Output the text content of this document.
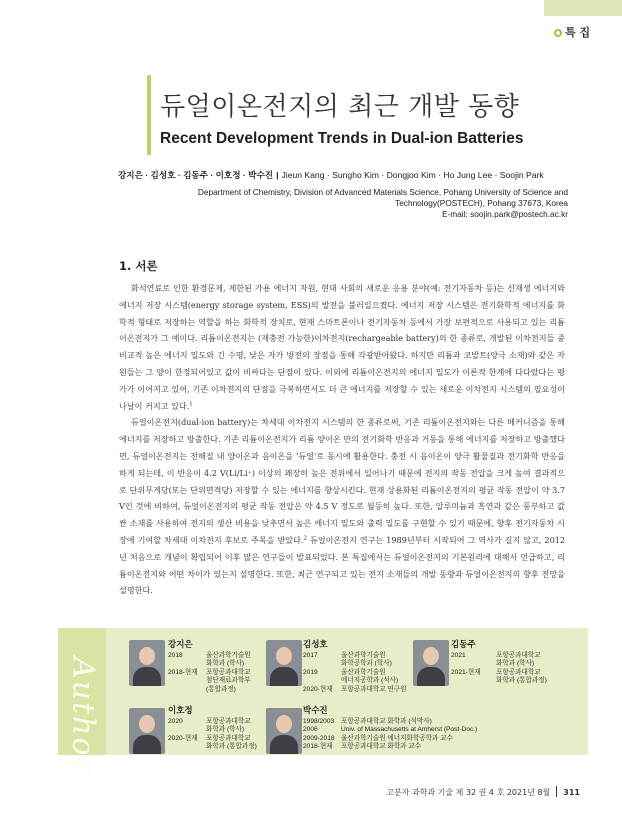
특 집
듀얼이온전지의 최근 개발 동향
Recent Development Trends in Dual-ion Batteries
강지은 · 김성호 · 김동주 · 이호정 · 박수진 | Jieun Kang · Sungho Kim · Dongjoo Kim · Ho Jung Lee · Soojin Park
Department of Chemistry, Division of Advanced Materials Science, Pohang University of Science and
Technology(POSTECH), Pohang 37673, Korea
E-mail: soojin.park@postech.ac.kr
1. 서론

화석연료로 인한 환경문제, 제한된 가용 에너지 자원, 현대 사회의 새로운 응용 분야(예: 전기자동차 등)는 신재생 에너지와 에너지 저장 시스템(energy storage system, ESS)의 발전을 불러일으켰다. 에너지 저장 시스템은 전기화학적 에너지를 화학적 형태로 저장하는 역할을 하는 화학적 장치로, 현재 스마트폰이나 전기자동차 등에서 가장 보편적으로 사용되고 있는 리튬이온전지가 그 예이다. 리튬이온전지는 (재충전 가능한)이차전지(rechargeable battery)의 한 종류로, 개발된 이차전지들 중 비교적 높은 에너지 밀도와 긴 수명, 낮은 자가 방전의 장점을 통해 각광받아왔다. 하지만 리튬과 코발트(양극 소재)와 같은 자원들는 그 양이 한정되어있고 값이 비싸다는 단점이 있다. 이외에 리튬이온전지의 에너지 밀도가 이론적 한계에 다다랐다는 평가가 이어지고 있어, 기존 이차전지의 단점을 극복하면서도 더 큰 에너지를 저장할 수 있는 새로운 이차전지 시스템의 필요성이 나날이 커지고 있다.$^1$

듀얼이온전지(dual-ion battery)는 차세대 이차전지 시스템의 한 종류로써, 기존 리튬이온전지와는 다른 메커니즘을 통해 에너지를 저장하고 방출한다. 기존 리튬이온전지가 리튬 양이온 만의 전기화학 반응과 거동을 통해 에너지를 저장하고 방출했다면, 듀얼이온전지는 전해질 내 양이온과 음이온을 '듀얼'로 동시에 활용한다. 충전 시 음이온이 양극 활물질과 전기화학 반응을 하게 되는데, 이 반응이 4.2 V(Li/Li⁺) 이상의 꽤장히 높은 전위에서 일어나기 때문에 전지의 작동 전압을 크게 높여 결과적으로 단위무게당(또는 단위면적당) 저장할 수 있는 에너지를 향상시킨다. 현재 상용화된 리튬이온전지의 평균 작동 전압이 약 3.7 V인 것에 비하여, 듀얼이온전지의 평균 작동 전압은 약 4.5 V 정도로 월등히 높다. 또한, 알루미늄과 흑연과 같은 풍부하고 값싼 소재를 사용하여 전지의 생산 비용을 낮추면서 높은 에너지 밀도와 출력 밀도를 구현할 수 있기 때문에, 향후 전기자동차 시장에 기여할 차세대 이차전지 후보로 주목을 받았다.$^2$ 듀얼이온전지 연구는 1989년부터 시작되어 그 역사가 길지 않고, 2012년 처음으로 개념이 확립되어 이후 많은 연구들이 발표되었다. 본 특집에서는 듀얼이온전지의 기본원리에 대해서 언급하고, 리튬이온전지와 어떤 차이가 있는지 설명한다. 또한, 최근 연구되고 있는 전지 소재들의 개발 동향과 듀얼이온전지의 향후 전망을 설명한다.

Author
강지은
2018	울산과학기술원
화학과 (학사)
2018-현재	포항공과대학교
첨단재료과학부
(통합과정)
김성호
2017	울산과학기술원
화학공학과 (학사)
2019	울산과학기술원
에너지공학과 (석사)
2020-현재	포항공과대학교 연구원
김동주
2021	포항공과대학교
화학과 (학사)
2021-현재	포항공과대학교
화학과 (통합과정)
이호정
2020	포항공과대학교
화학과 (학사)
2020-현재	포항공과대학교
화학과 (통합과정)
박수진
1998/2003	포항공과대학교 화학과 (석박사)
2006	Univ. of Massachusetts at Amherst (Post-Doc.)
2009-2018 울산과학기술원 에너지화학공학과 교수
2018-현재	포항공과대학교 화학과 교수
고분자 과학과 기술 제 32 권 4 호 2021년 8월 311
